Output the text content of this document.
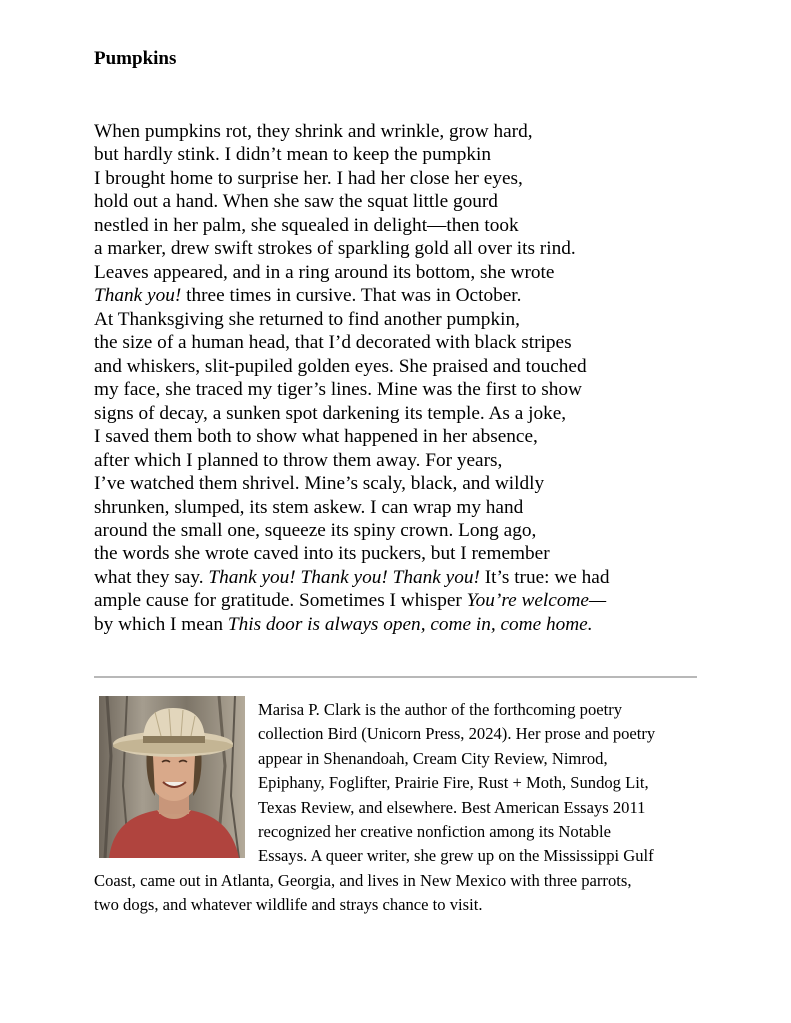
Pumpkins
When pumpkins rot, they shrink and wrinkle, grow hard,
but hardly stink. I didn’t mean to keep the pumpkin
I brought home to surprise her. I had her close her eyes,
hold out a hand. When she saw the squat little gourd
nestled in her palm, she squealed in delight—then took
a marker, drew swift strokes of sparkling gold all over its rind.
Leaves appeared, and in a ring around its bottom, she wrote
Thank you! three times in cursive. That was in October.
At Thanksgiving she returned to find another pumpkin,
the size of a human head, that I’d decorated with black stripes
and whiskers, slit-pupiled golden eyes. She praised and touched
my face, she traced my tiger’s lines. Mine was the first to show
signs of decay, a sunken spot darkening its temple. As a joke,
I saved them both to show what happened in her absence,
after which I planned to throw them away. For years,
I’ve watched them shrivel. Mine’s scaly, black, and wildly
shrunken, slumped, its stem askew. I can wrap my hand
around the small one, squeeze its spiny crown. Long ago,
the words she wrote caved into its puckers, but I remember
what they say. Thank you! Thank you! Thank you! It’s true: we had
ample cause for gratitude. Sometimes I whisper You’re welcome—
by which I mean This door is always open, come in, come home.
Marisa P. Clark is the author of the forthcoming poetry
collection Bird (Unicorn Press, 2024). Her prose and poetry
appear in Shenandoah, Cream City Review, Nimrod,
Epiphany, Foglifter, Prairie Fire, Rust + Moth, Sundog Lit,
Texas Review, and elsewhere. Best American Essays 2011
recognized her creative nonfiction among its Notable
Essays. A queer writer, she grew up on the Mississippi Gulf
Coast, came out in Atlanta, Georgia, and lives in New Mexico with three parrots,
two dogs, and whatever wildlife and strays chance to visit.
